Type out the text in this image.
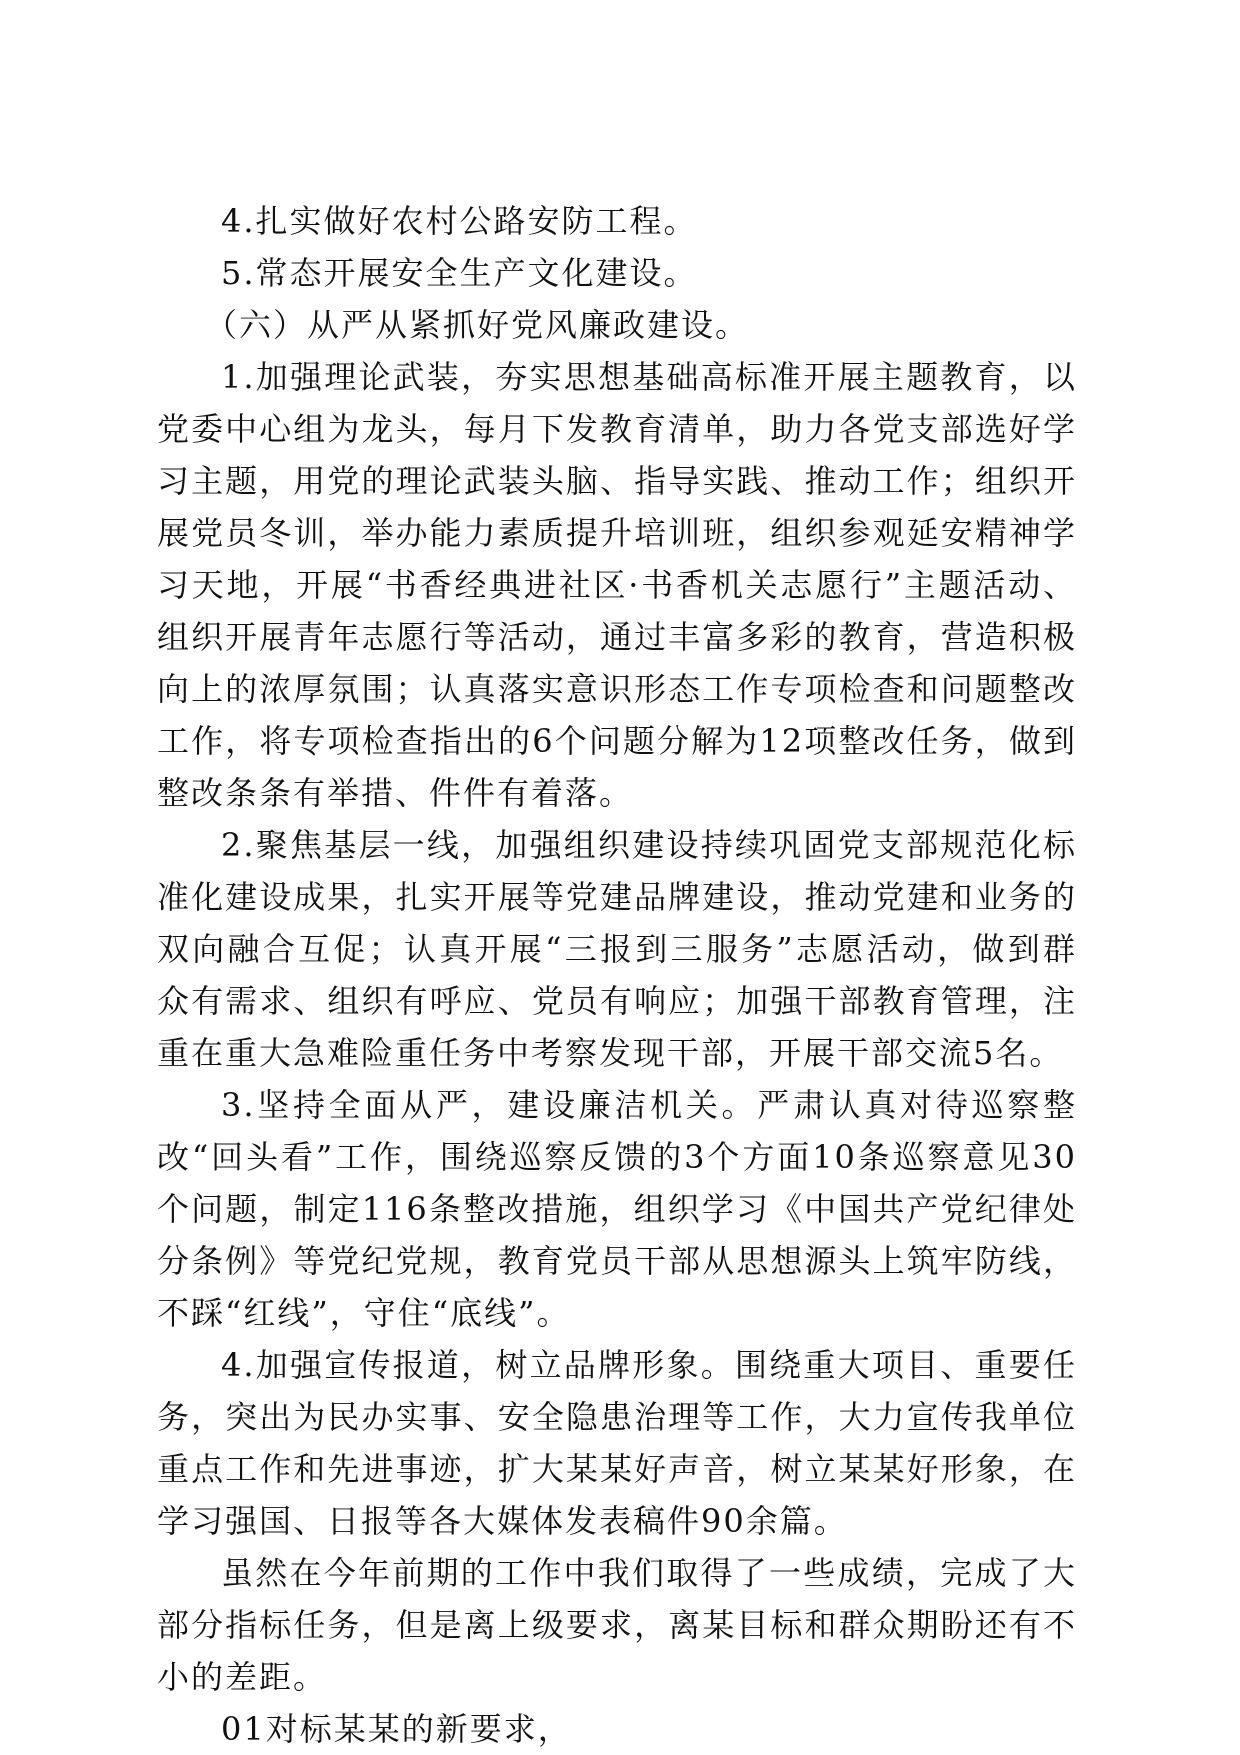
4.扎实做好农村公路安防工程。

5.常态开展安全生产文化建设。

（六）从严从紧抓好党风廉政建设。

1.加强理论武装，夯实思想基础高标准开展主题教育，以党委中心组为龙头，每月下发教育清单，助力各党支部选好学习主题，用党的理论武装头脑、指导实践、推动工作；组织开展党员冬训，举办能力素质提升培训班，组织参观延安精神学习天地，开展“书香经典进社区·书香机关志愿行”主题活动、组织开展青年志愿行等活动，通过丰富多彩的教育，营造积极向上的浓厚氛围；认真落实意识形态工作专项检查和问题整改工作，将专项检查指出的6个问题分解为12项整改任务，做到整改条条有举措、件件有着落。

2.聚焦基层一线，加强组织建设持续巩固党支部规范化标准化建设成果，扎实开展等党建品牌建设，推动党建和业务的双向融合互促；认真开展“三报到三服务”志愿活动，做到群众有需求、组织有呼应、党员有响应；加强干部教育管理，注重在重大急难险重任务中考察发现干部，开展干部交流5名。

3.坚持全面从严，建设廉洁机关。严肃认真对待巡察整改“回头看”工作，围绕巡察反馈的3个方面10条巡察意见30个问题，制定116条整改措施，组织学习《中国共产党纪律处分条例》等党纪党规，教育党员干部从思想源头上筑牢防线，不踩“红线”，守住“底线”。

4.加强宣传报道，树立品牌形象。围绕重大项目、重要任务，突出为民办实事、安全隐患治理等工作，大力宣传我单位重点工作和先进事迹，扩大某某好声音，树立某某好形象，在学习强国、日报等各大媒体发表稿件90余篇。

虽然在今年前期的工作中我们取得了一些成绩，完成了大部分指标任务，但是离上级要求，离某目标和群众期盼还有不小的差距。

01对标某某的新要求，
